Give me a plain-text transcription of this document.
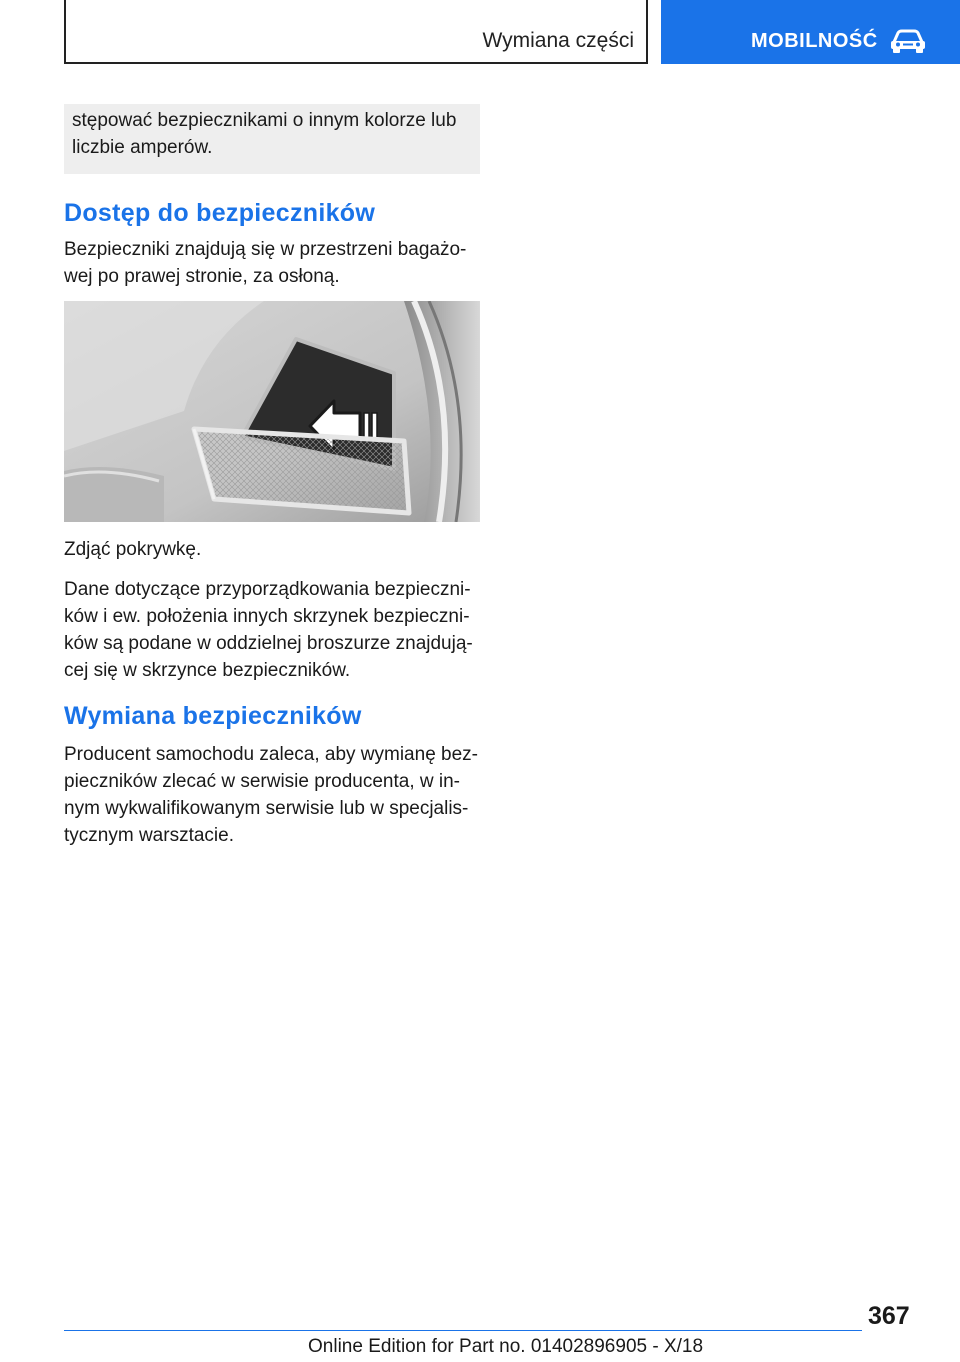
Wymiana części	MOBILNOŚĆ

stępować bezpiecznikami o innym kolorze lub

liczbie amperów.

Dostęp do bezpieczników

Bezpieczniki znajdują się w przestrzeni bagażo-

wej po prawej stronie, za osłoną.

Zdjąć pokrywkę.

Dane dotyczące przyporządkowania bezpieczni-

ków i ew. położenia innych skrzynek bezpieczni-

ków są podane w oddzielnej broszurze znajdują-

cej się w skrzynce bezpieczników.

Wymiana bezpieczników

Producent samochodu zaleca, aby wymianę bez-

pieczników zlecać w serwisie producenta, w in-

nym wykwalifikowanym serwisie lub w specjalis-

tycznym warsztacie.

367
Online Edition for Part no. 01402896905 - X/18
